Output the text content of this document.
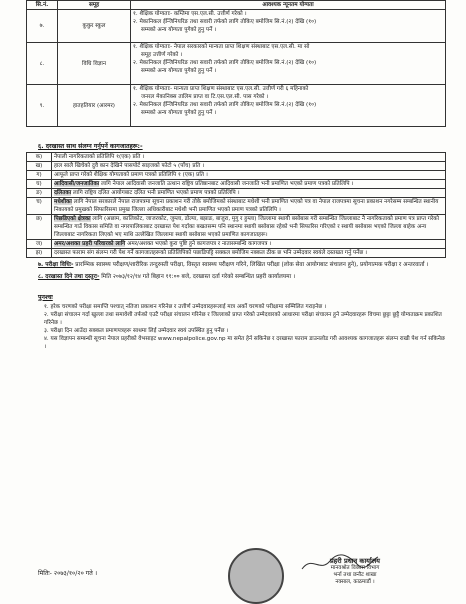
सि.नं.	समूह	आवश्यक न्यूनतम योग्यता
७.	कुकुर स्कुल	१. शैक्षिक योग्यताः- कम्तिमा एस.एल.सी. उत्तीर्ण गरेको ।

२. मेकानिकल ईन्जिनियरिङ तथा सवारी तर्फको लागि तोकिए बमोजिम सि.नं.(२) देखि (१०)

सम्मको अन्य योग्यता पुगेको हुनु पर्ने ।

८.	विधि विज्ञान	१. शैक्षिक योग्यताः- नेपाल सरकारको मान्यता प्राप्त शिक्षण संस्थाबाट एस.एल.सी. मा सो

समूह उत्तीर्ण गरेको ।

२. मेकानिकल ईन्जिनियरिङ तथा सवारी तर्फको लागि तोकिए बमोजिम सि.नं.(२) देखि (१०)

सम्मको अन्य योग्यता पुगेको हुनु पर्ने ।

९.	हातहतियार (आरमर)	१. शैक्षिक योग्यताः- मान्यता प्राप्त शिक्षण संस्थाबाट एस.एल.सी. उत्तीर्ण गरी ६ महिनाको

जनरल मेकानिक्स तालिम प्राप्त वा टि.एस.एल.सी. पास गरेको ।

२. मेकानिकल ईन्जिनियरिङ तथा सवारी तर्फको लागि तोकिए बमोजिम सि.नं.(२) देखि (१०)

सम्मको अन्य योग्यता पुगेको हुनु पर्ने ।

६. दरखास्त साथ संलग्न गर्नुपर्ने कागजातहरू:-
क)	नेपाली नागरिकताको प्रतिलिपि १(एक) प्रति ।
ख)	हाल सालै खिचेको दुवै कान देखिने पासपोर्ट साइजको फोटो ५ (पाँच) प्रति ।
ग)	आफूले प्राप्त गरेको शैक्षिक योग्यताको प्रमाण पत्रको प्रतिलिपि १ (एक) प्रति ।
घ)	आदिवासी/जनजातिका लागि नेपाल आदिवासी जनजाति उत्थान राष्ट्रिय प्रतिष्ठानबाट आदिवासी जनजाति भनी प्रमाणित भएको प्रमाण पत्रको प्रतिलिपि ।
ङ)	दलितका लागि राष्ट्रिय दलित आयोगबाट दलित भनी प्रमाणित भएको प्रमाण पत्रको प्रतिलिपि ।
च)	मधेशीका लागि नेपाल सरकारले नेपाल राजपत्रमा सूचना प्रकाशन गरी तोके बमोजिमको संस्थाबाट मधेशी भनी प्रमाणित भएको पत्र वा नेपाल राजपत्रमा सूचना प्रकाशन नगरेसम्म सम्बन्धित स्थानीय निकायको प्रमुखको सिफारिसमा प्रमुख जिल्ला अधिकारीबाट मधेशी भनी प्रमाणित भएको प्रमाण पत्रको प्रतिलिपि ।
छ)	पिछडिएको क्षेत्रका लागि (अछाम, कालिकोट, जाजरकोट, जुम्ला, डोल्पा, बझाङ, बाजुरा, मुगु र हुम्ला) जिल्लामा स्थायी बसोबास गरी सम्बन्धित जिल्लाबाट नै नागरिकताको प्रमाण पत्र प्राप्त गरेको सम्बन्धित गाउँ विकास समिति वा नगरपालिकाबाट दरखास्त पेश गर्दाका बखतसम्म पनि स्थानमा स्थायी बसोबास रहेको भनी सिफारिस गरिएको र स्थायी बसोबास भएको जिल्ला बाहेक अन्य जिल्लाबाट नागरिकता लिएको भए माथि उल्लेखित जिल्लामा स्थायी बसोबास भएको प्रमाणित कागजातहरू।
ज)	अमर/अशक्त प्रहरी परिवारको लागि अमर/अशक्त भएको कुरा पुष्टि हुने कागजपत्र र नातासम्बन्धि कागजपत्र ।
झ)	दरखास्त फाराम संग संलग्न गरी पेश गर्ने कागजातहरूको प्रतिलिपिको पछाडिपट्टि सक्कल बमोजिम नक्कल ठीक छ भनि उम्मेदवार स्वयंले दस्तखत गर्नु पर्नेछ ।

७. परीक्षा विधिः- प्रारम्भिक स्वास्थ्य परीक्षण/शारीरिक तन्दुरुस्ती परीक्षा, विस्तृत स्वास्थ्य परीक्षण गरिने, लिखित परीक्षा (लोक सेवा आयोगबाट संचालन हुने), प्रयोगात्मक परीक्षा र अन्तरवार्ता ।

८. दरखास्त दिने तथा दस्तुरः- मिति २०७३/१२/१४ गते बिहान ११:०० बजे, दरखास्त दर्ता गरेको सम्बन्धित प्रहरी कार्यालयमा ।

पुनश्चः

१. हरेक चरणको परीक्षा समाप्ति पश्चात् नतिजा प्रकाशन गरिनेछ र उत्तीर्ण उम्मेदवारहरूलाई मात्र अर्को चरणको परीक्षामा सम्मिलित गराइनेछ ।

२. परीक्षा संचालन गर्दा खुल्ला तथा समावेशी तर्फको एउटै परीक्षा संचालन गरिनेछ र जिल्लाको प्राप्त गरेको उम्मेदवारको आधारमा परीक्षा संचालन हुने उम्मेदवारहरू विचमा छुट्टा छुट्टै योग्यताक्रम प्रकाशित गरिनेछ ।

३. परीक्षा दिन आउँदा सक्कल प्रमाणपत्रहरू साथमा लिई उम्मेदवार स्वयं उपस्थित हुनु पर्नेछ ।

४. यस विज्ञापन सम्बन्धी सूचना नेपाल प्रहरीको वेभसाइट www.nepalpolice.gov.np मा समेत हेर्न सकिनेछ र दरखास्त फाराम डाउनलोड गरी आवश्यक कागजातहरू संलग्न राखी पेश गर्न सकिनेछ ।

मितिः- २०७३/१०/२० गते ।
प्रहरी प्रधान कार्यालय
मानवश्रोत विकास विभाग
भर्ना तथा छनौट शाखा
नक्साल, काठमाडौं ।
